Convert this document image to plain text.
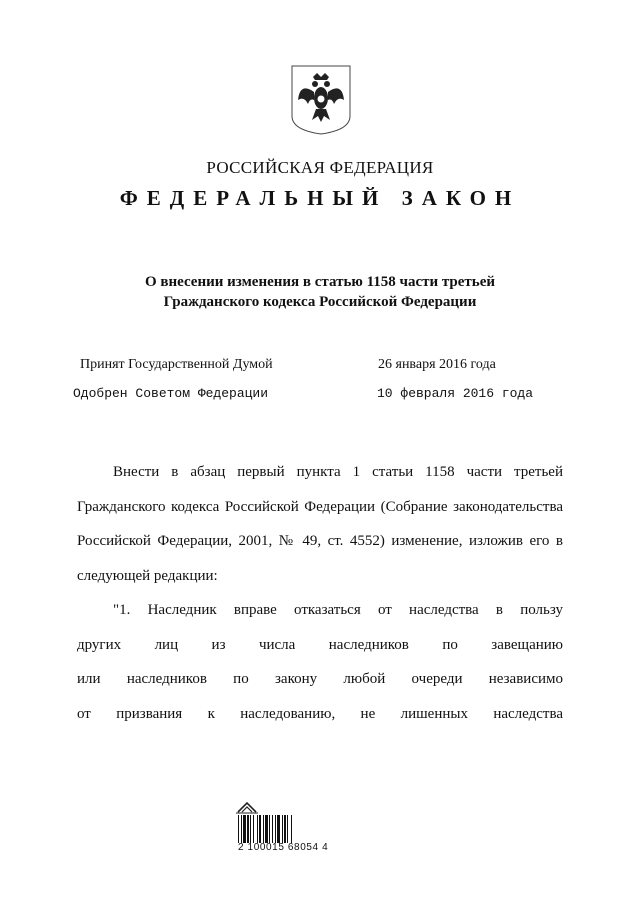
РОССИЙСКАЯ ФЕДЕРАЦИЯ
ФЕДЕРАЛЬНЫЙ ЗАКОН
О внесении изменения в статью 1158 части третьей
Гражданского кодекса Российской Федерации
Принят Государственной Думой	26 января 2016 года
Одобрен Советом Федерации	10 февраля 2016 года
Внести в абзац первый пункта 1 статьи 1158 части третьей
Гражданского кодекса Российской Федерации (Собрание законодательства
Российской Федерации, 2001, № 49, ст. 4552) изменение, изложив его в
следующей редакции:
"1. Наследник вправе отказаться от наследства в пользу
других лиц из числа наследников по завещанию
или наследников по закону любой очереди независимо
от призвания к наследованию, не лишенных наследства
2 100015 68054 4
